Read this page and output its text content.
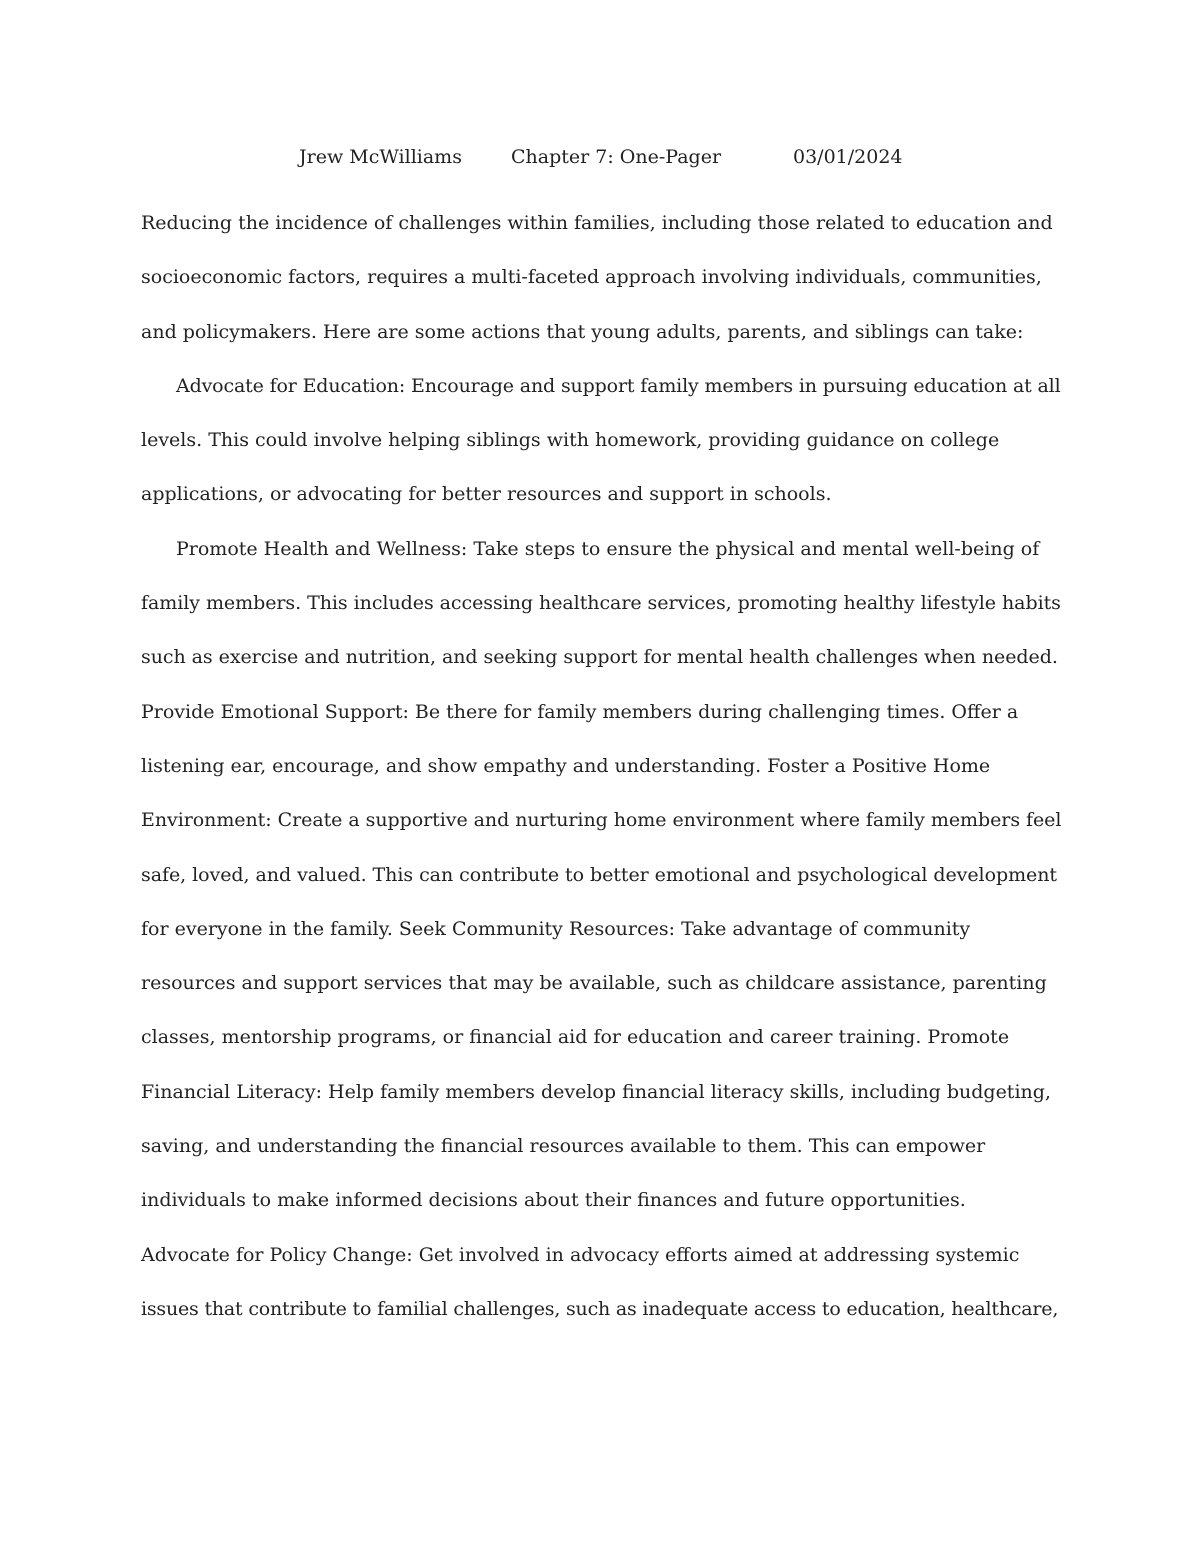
Jrew McWilliams	Chapter 7: One-Pager	03/01/2024
Reducing the incidence of challenges within families, including those related to education and
socioeconomic factors, requires a multi-faceted approach involving individuals, communities,
and policymakers. Here are some actions that young adults, parents, and siblings can take:
Advocate for Education: Encourage and support family members in pursuing education at all
levels. This could involve helping siblings with homework, providing guidance on college
applications, or advocating for better resources and support in schools.
Promote Health and Wellness: Take steps to ensure the physical and mental well-being of
family members. This includes accessing healthcare services, promoting healthy lifestyle habits
such as exercise and nutrition, and seeking support for mental health challenges when needed.
Provide Emotional Support: Be there for family members during challenging times. Offer a
listening ear, encourage, and show empathy and understanding. Foster a Positive Home
Environment: Create a supportive and nurturing home environment where family members feel
safe, loved, and valued. This can contribute to better emotional and psychological development
for everyone in the family. Seek Community Resources: Take advantage of community
resources and support services that may be available, such as childcare assistance, parenting
classes, mentorship programs, or financial aid for education and career training. Promote
Financial Literacy: Help family members develop financial literacy skills, including budgeting,
saving, and understanding the financial resources available to them. This can empower
individuals to make informed decisions about their finances and future opportunities.
Advocate for Policy Change: Get involved in advocacy efforts aimed at addressing systemic
issues that contribute to familial challenges, such as inadequate access to education, healthcare,
